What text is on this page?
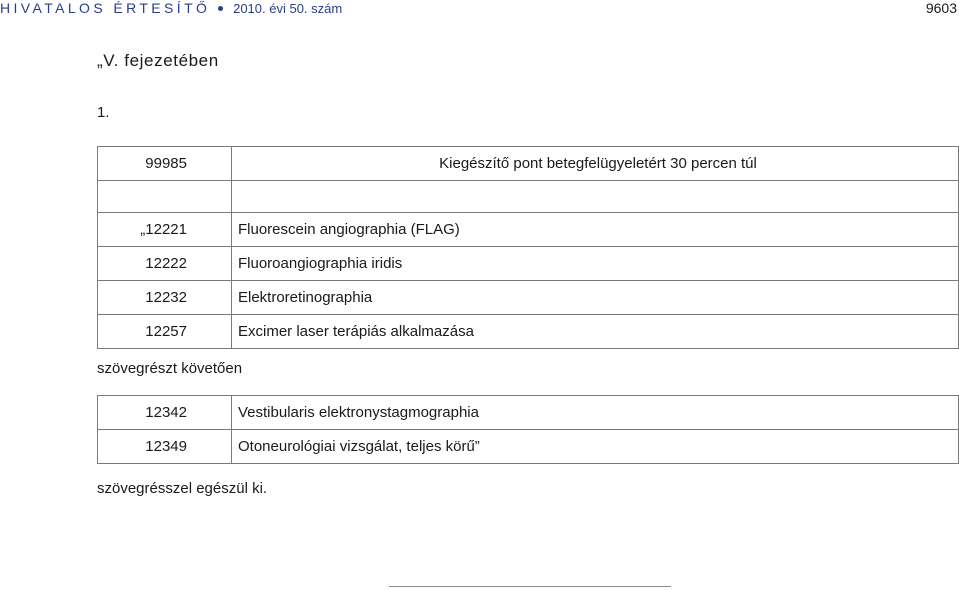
HIVATALOS ÉRTESÍTŐ 2010. évi 50. szám	9603
„V. fejezetében
1.
99985	Kiegészítő pont betegfelügyeletért 30 percen túl

„12221	Fluorescein angiographia (FLAG)
12222	Fluoroangiographia iridis
12232	Elektroretinographia
12257	Excimer laser terápiás alkalmazása
szövegrészt követően
12342	Vestibularis elektronystagmographia
12349	Otoneurológiai vizsgálat, teljes körű”
szövegrésszel egészül ki.
